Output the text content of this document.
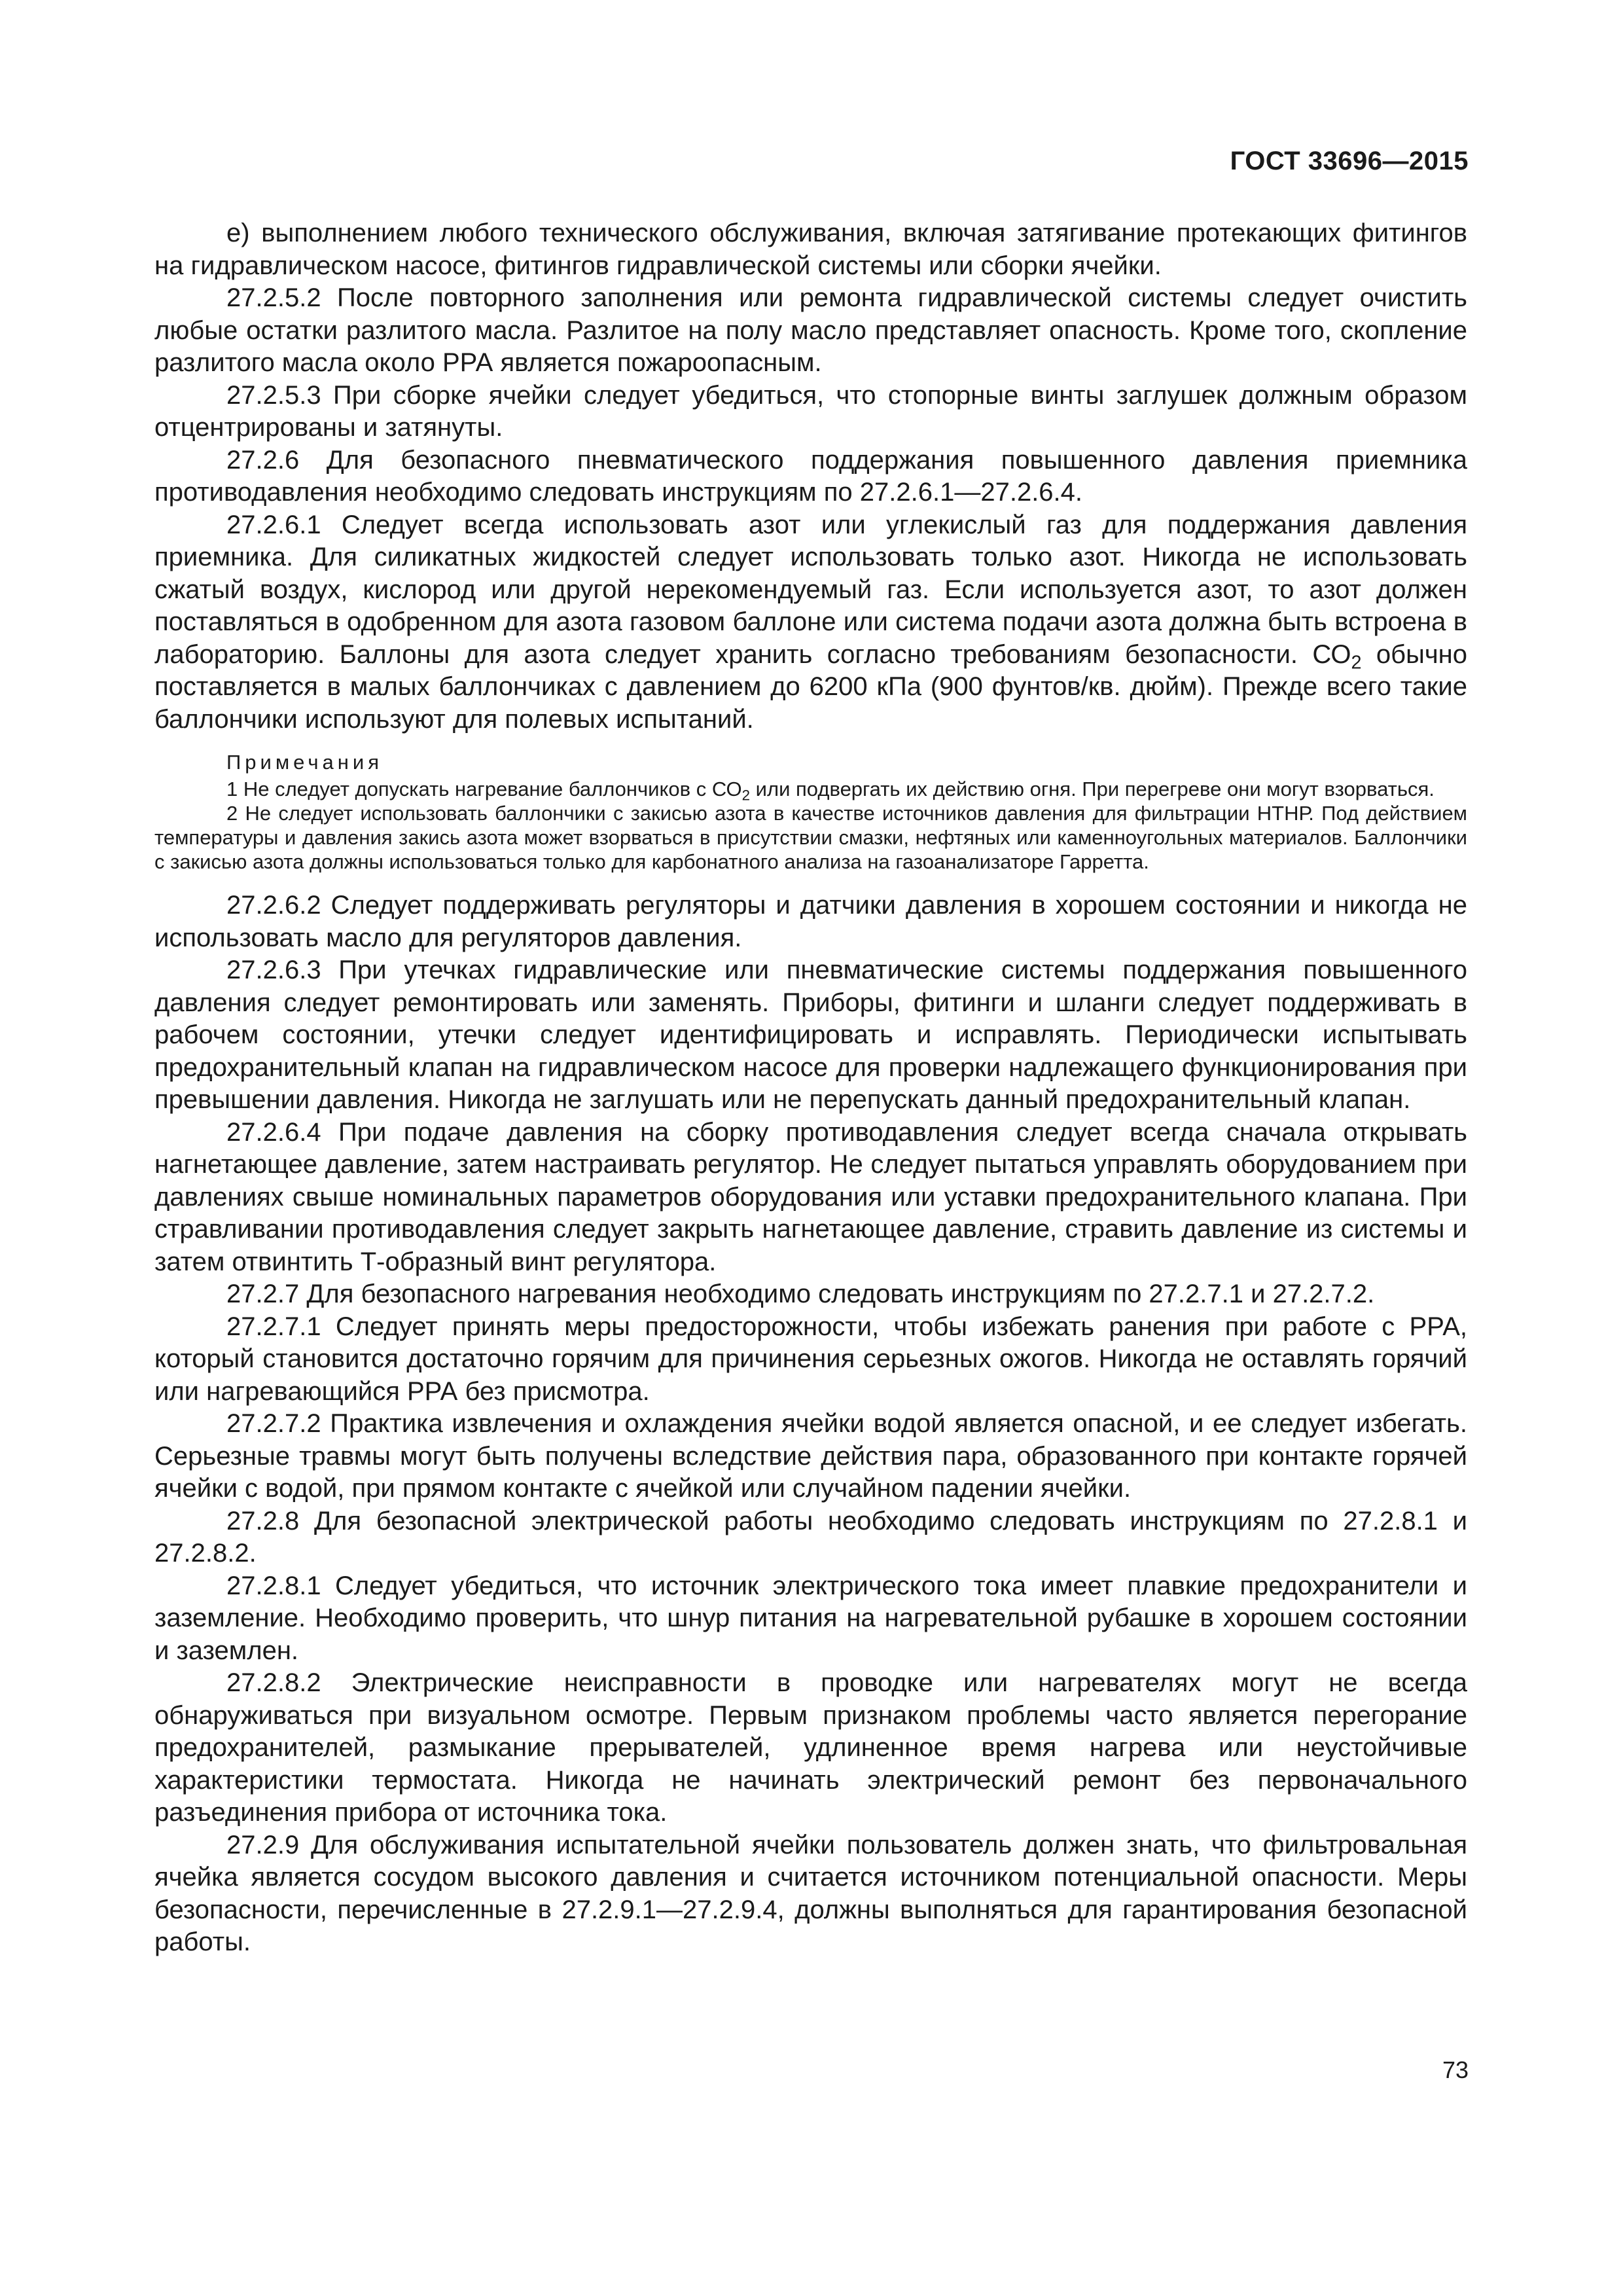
ГОСТ 33696—2015

е) выполнением любого технического обслуживания, включая затягивание протекающих фитингов на гидравлическом насосе, фитингов гидравлической системы или сборки ячейки.

27.2.5.2 После повторного заполнения или ремонта гидравлической системы следует очистить любые остатки разлитого масла. Разлитое на полу масло представляет опасность. Кроме того, скопление разлитого масла около РРА является пожароопасным.

27.2.5.3 При сборке ячейки следует убедиться, что стопорные винты заглушек должным образом отцентрированы и затянуты.

27.2.6 Для безопасного пневматического поддержания повышенного давления приемника противодавления необходимо следовать инструкциям по 27.2.6.1—27.2.6.4.

27.2.6.1 Следует всегда использовать азот или углекислый газ для поддержания давления приемника. Для силикатных жидкостей следует использовать только азот. Никогда не использовать сжатый воздух, кислород или другой нерекомендуемый газ. Если используется азот, то азот должен поставляться в одобренном для азота газовом баллоне или система подачи азота должна быть встроена в лабораторию. Баллоны для азота следует хранить согласно требованиям безопасности. $СО_2$ обычно поставляется в малых баллончиках с давлением до 6200 кПа (900 фунтов/кв. дюйм). Прежде всего такие баллончики используют для полевых испытаний.

Примечания

1 Не следует допускать нагревание баллончиков с $СО_2$ или подвергать их действию огня. При перегреве они могут взорваться.

2 Не следует использовать баллончики с закисью азота в качестве источников давления для фильтрации НТНР. Под действием температуры и давления закись азота может взорваться в присутствии смазки, нефтяных или каменноугольных материалов. Баллончики с закисью азота должны использоваться только для карбонатного анализа на газоанализаторе Гарретта.

27.2.6.2 Следует поддерживать регуляторы и датчики давления в хорошем состоянии и никогда не использовать масло для регуляторов давления.

27.2.6.3 При утечках гидравлические или пневматические системы поддержания повышенного давления следует ремонтировать или заменять. Приборы, фитинги и шланги следует поддерживать в рабочем состоянии, утечки следует идентифицировать и исправлять. Периодически испытывать предохранительный клапан на гидравлическом насосе для проверки надлежащего функционирования при превышении давления. Никогда не заглушать или не перепускать данный предохранительный клапан.

27.2.6.4 При подаче давления на сборку противодавления следует всегда сначала открывать нагнетающее давление, затем настраивать регулятор. Не следует пытаться управлять оборудованием при давлениях свыше номинальных параметров оборудования или уставки предохранительного клапана. При стравливании противодавления следует закрыть нагнетающее давление, стравить давление из системы и затем отвинтить Т-образный винт регулятора.

27.2.7 Для безопасного нагревания необходимо следовать инструкциям по 27.2.7.1 и 27.2.7.2.

27.2.7.1 Следует принять меры предосторожности, чтобы избежать ранения при работе с РРА, который становится достаточно горячим для причинения серьезных ожогов. Никогда не оставлять горячий или нагревающийся РРА без присмотра.

27.2.7.2 Практика извлечения и охлаждения ячейки водой является опасной, и ее следует избегать. Серьезные травмы могут быть получены вследствие действия пара, образованного при контакте горячей ячейки с водой, при прямом контакте с ячейкой или случайном падении ячейки.

27.2.8 Для безопасной электрической работы необходимо следовать инструкциям по 27.2.8.1 и 27.2.8.2.

27.2.8.1 Следует убедиться, что источник электрического тока имеет плавкие предохранители и заземление. Необходимо проверить, что шнур питания на нагревательной рубашке в хорошем состоянии и заземлен.

27.2.8.2 Электрические неисправности в проводке или нагревателях могут не всегда обнаруживаться при визуальном осмотре. Первым признаком проблемы часто является перегорание предохранителей, размыкание прерывателей, удлиненное время нагрева или неустойчивые характеристики термостата. Никогда не начинать электрический ремонт без первоначального разъединения прибора от источника тока.

27.2.9 Для обслуживания испытательной ячейки пользователь должен знать, что фильтровальная ячейка является сосудом высокого давления и считается источником потенциальной опасности. Меры безопасности, перечисленные в 27.2.9.1—27.2.9.4, должны выполняться для гарантирования безопасной работы.

73
